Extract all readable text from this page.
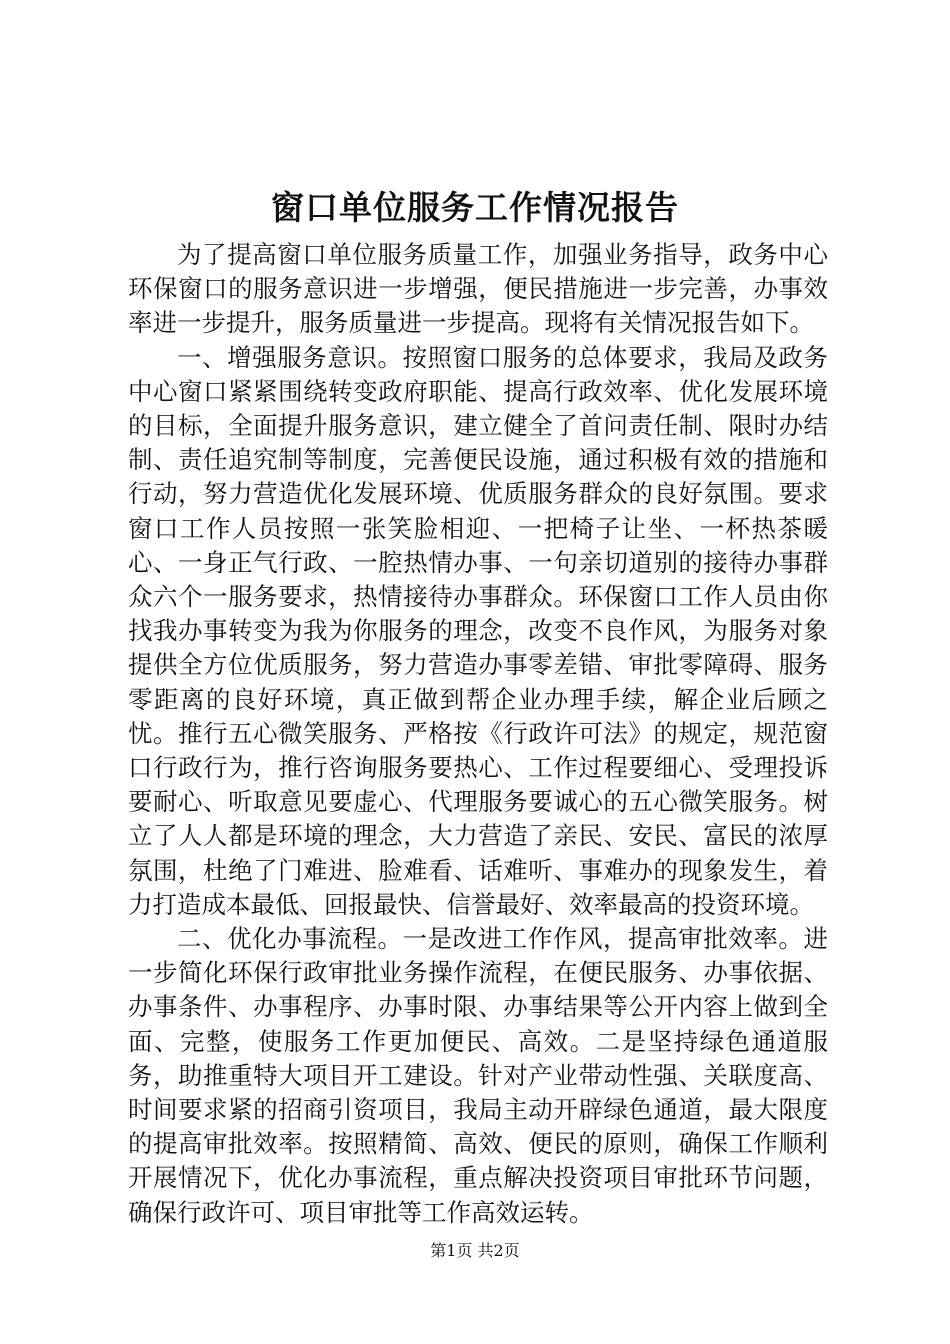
窗口单位服务工作情况报告

为了提高窗口单位服务质量工作，加强业务指导，政务中心环保窗口的服务意识进一步增强，便民措施进一步完善，办事效率进一步提升，服务质量进一步提高。现将有关情况报告如下。

一、增强服务意识。按照窗口服务的总体要求，我局及政务中心窗口紧紧围绕转变政府职能、提高行政效率、优化发展环境的目标，全面提升服务意识，建立健全了首问责任制、限时办结制、责任追究制等制度，完善便民设施，通过积极有效的措施和行动，努力营造优化发展环境、优质服务群众的良好氛围。要求窗口工作人员按照一张笑脸相迎、一把椅子让坐、一杯热茶暖心、一身正气行政、一腔热情办事、一句亲切道别的接待办事群众六个一服务要求，热情接待办事群众。环保窗口工作人员由你找我办事转变为我为你服务的理念，改变不良作风，为服务对象提供全方位优质服务，努力营造办事零差错、审批零障碍、服务零距离的良好环境，真正做到帮企业办理手续，解企业后顾之忧。推行五心微笑服务、严格按《行政许可法》的规定，规范窗口行政行为，推行咨询服务要热心、工作过程要细心、受理投诉要耐心、听取意见要虚心、代理服务要诚心的五心微笑服务。树立了人人都是环境的理念，大力营造了亲民、安民、富民的浓厚氛围，杜绝了门难进、脸难看、话难听、事难办的现象发生，着力打造成本最低、回报最快、信誉最好、效率最高的投资环境。

二、优化办事流程。一是改进工作作风，提高审批效率。进一步简化环保行政审批业务操作流程，在便民服务、办事依据、办事条件、办事程序、办事时限、办事结果等公开内容上做到全面、完整，使服务工作更加便民、高效。二是坚持绿色通道服务，助推重特大项目开工建设。针对产业带动性强、关联度高、时间要求紧的招商引资项目，我局主动开辟绿色通道，最大限度的提高审批效率。按照精简、高效、便民的原则，确保工作顺利开展情况下，优化办事流程，重点解决投资项目审批环节问题，确保行政许可、项目审批等工作高效运转。

第1页 共2页
